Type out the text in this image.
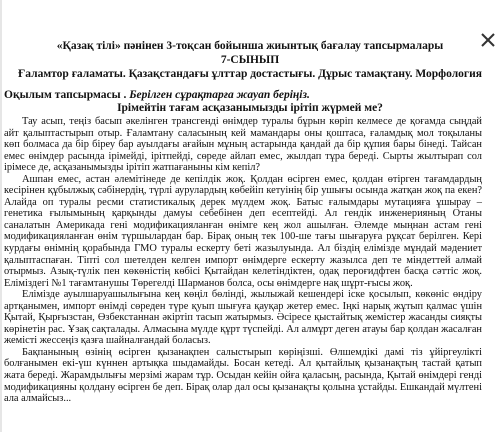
«Қазақ тілі» пәнінен 3-тоқсан бойынша жиынтық бағалау тапсырмалары
7-СЫНЫП
Ғаламтор ғаламаты. Қазақстандағы ұлттар достастығы. Дұрыс тамақтану. Морфология
Оқылым тапсырмасы . Берілген сұрақтарға жауап беріңіз.
Ірімейтін тағам асқазанымызды ірітіп жүрмей ме?

Тау асып, теңіз басып әкелінген трансгенді өнімдер туралы бұрын көріп келмесе де қоғамда сыңдай айт қалыптастырып отыр. Ғаламтану саласының кей мамандары оны қоштаса, ғаламдық мол тоқыланы көп болмаса да бір біреу бар ауылдағы ағайын мұның астарында қандай да бір құпия бары бінеді. Тайсан емес өнімдер расында ірімейді, ірітпейді, сөреде айлап емес, жылдап тұра береді. Сырты жылтырап сол ірімесе де, асқазанымызды ірітіп жатпағаныны кім кепіл?

Ашпан емес, астан әлемітінеде де кепілдік жоқ. Қолдан өсірген емес, қолдан өтірген тағамдардың кесірінен құбылжық сәбінердің, түрлі аурулардың көбейіп кетуінің бір ушығы осында жатқан жоқ па екен? Алайда оп туралы ресми статистикалық дерек мүлдем жоқ. Батыс ғалымдары мутацияға ұшырау – генетика ғылымының қарқынды дамуы себебінен деп есептейді. Ал гендік инженерияның Отаны саналатын Америкада гені модификацияланған өнімге кең жол ашылған. Әлемде мыңнан астам гені модификацияланған өнім түршылардан бар. Бірақ оның тек 100-ше тағы шығаруға рұқсат берілген. Кері курдағы өнімнің қорабында ГМО туралы ескерту беті жазылуында. Ал біздің елімізде мұндай мәдениет қалыптаспаған. Тіпті сол шетелден келген импорт өнімдерге ескерту жазылса деп те міндеттей алмай отырмыз. Азық-түлік пен көкөністің көбісі Қытайдан келетіндіктен, одақ пероғидфтен басқа сәттіс жоқ. Еліміздегі №1 тағамтанушы Төрегелді Шарманов болса, осы өнімдерге нақ шұрт-ғысы жоқ.

Елімізде ауылшаруашылығына кең көңіл бөлінді, жылыжай кешендері іске қосылып, көкөніс өндіру артқанымен, импорт өнімді сөреден түре қуып шығуға қауқар жетер емес. Іңкі нарық жұтып қалмас үшін Қытай, Қырғызстан, Өзбекстаннан әкіртіп тасып жатырмыз. Әсіресе қыстайтық жемістер жасанды сияқты көрінетін рас. Ұзақ сақталады. Алмасына мүлде құрт түспейді. Ал алмұрт деген атауы бар қолдан жасалған жемісті жессеңіз қазға шайналғандай боласыз.

Бақпанының өзінің өсірген қызанақпен салыстырып көріңізші. Өлшемдікі дамі тіз ұйіргеулікті болғанымен екі-үш күннен артықка шыдамайды. Босан кетеді. Ал қытайлық қызанақтың тастай қатып жата береді. Жарамдылығы мерзімі жарам тұр. Осыдан кейін ойға қаласың, расында, Қытай өнімдері генді модификацияны қолдану өсірген бе деп. Бірақ олар дал осы қызанақты қолына ұстайды. Ешкандай мүлтені ала алмайсыз...
